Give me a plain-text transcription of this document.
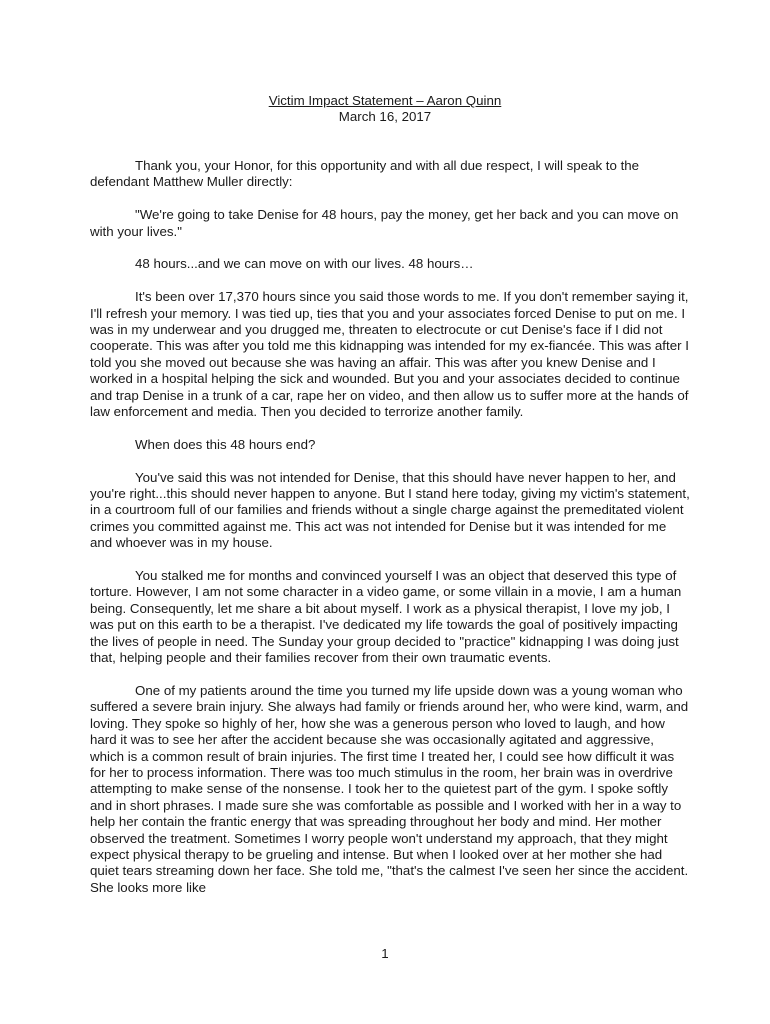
Victim Impact Statement – Aaron Quinn
March 16, 2017

Thank you, your Honor, for this opportunity and with all due respect, I will speak to the defendant Matthew Muller directly:

"We're going to take Denise for 48 hours, pay the money, get her back and you can move on with your lives."

48 hours...and we can move on with our lives. 48 hours…

It's been over 17,370 hours since you said those words to me. If you don't remember saying it, I'll refresh your memory. I was tied up, ties that you and your associates forced Denise to put on me. I was in my underwear and you drugged me, threaten to electrocute or cut Denise's face if I did not cooperate. This was after you told me this kidnapping was intended for my ex-fiancée. This was after I told you she moved out because she was having an affair. This was after you knew Denise and I worked in a hospital helping the sick and wounded. But you and your associates decided to continue and trap Denise in a trunk of a car, rape her on video, and then allow us to suffer more at the hands of law enforcement and media. Then you decided to terrorize another family.

When does this 48 hours end?

You've said this was not intended for Denise, that this should have never happen to her, and you're right...this should never happen to anyone. But I stand here today, giving my victim's statement, in a courtroom full of our families and friends without a single charge against the premeditated violent crimes you committed against me. This act was not intended for Denise but it was intended for me and whoever was in my house.

You stalked me for months and convinced yourself I was an object that deserved this type of torture. However, I am not some character in a video game, or some villain in a movie, I am a human being. Consequently, let me share a bit about myself. I work as a physical therapist, I love my job, I was put on this earth to be a therapist. I've dedicated my life towards the goal of positively impacting the lives of people in need. The Sunday your group decided to "practice" kidnapping I was doing just that, helping people and their families recover from their own traumatic events.

One of my patients around the time you turned my life upside down was a young woman who suffered a severe brain injury. She always had family or friends around her, who were kind, warm, and loving. They spoke so highly of her, how she was a generous person who loved to laugh, and how hard it was to see her after the accident because she was occasionally agitated and aggressive, which is a common result of brain injuries. The first time I treated her, I could see how difficult it was for her to process information. There was too much stimulus in the room, her brain was in overdrive attempting to make sense of the nonsense. I took her to the quietest part of the gym. I spoke softly and in short phrases. I made sure she was comfortable as possible and I worked with her in a way to help her contain the frantic energy that was spreading throughout her body and mind. Her mother observed the treatment. Sometimes I worry people won't understand my approach, that they might expect physical therapy to be grueling and intense. But when I looked over at her mother she had quiet tears streaming down her face. She told me, "that's the calmest I've seen her since the accident. She looks more like

1
